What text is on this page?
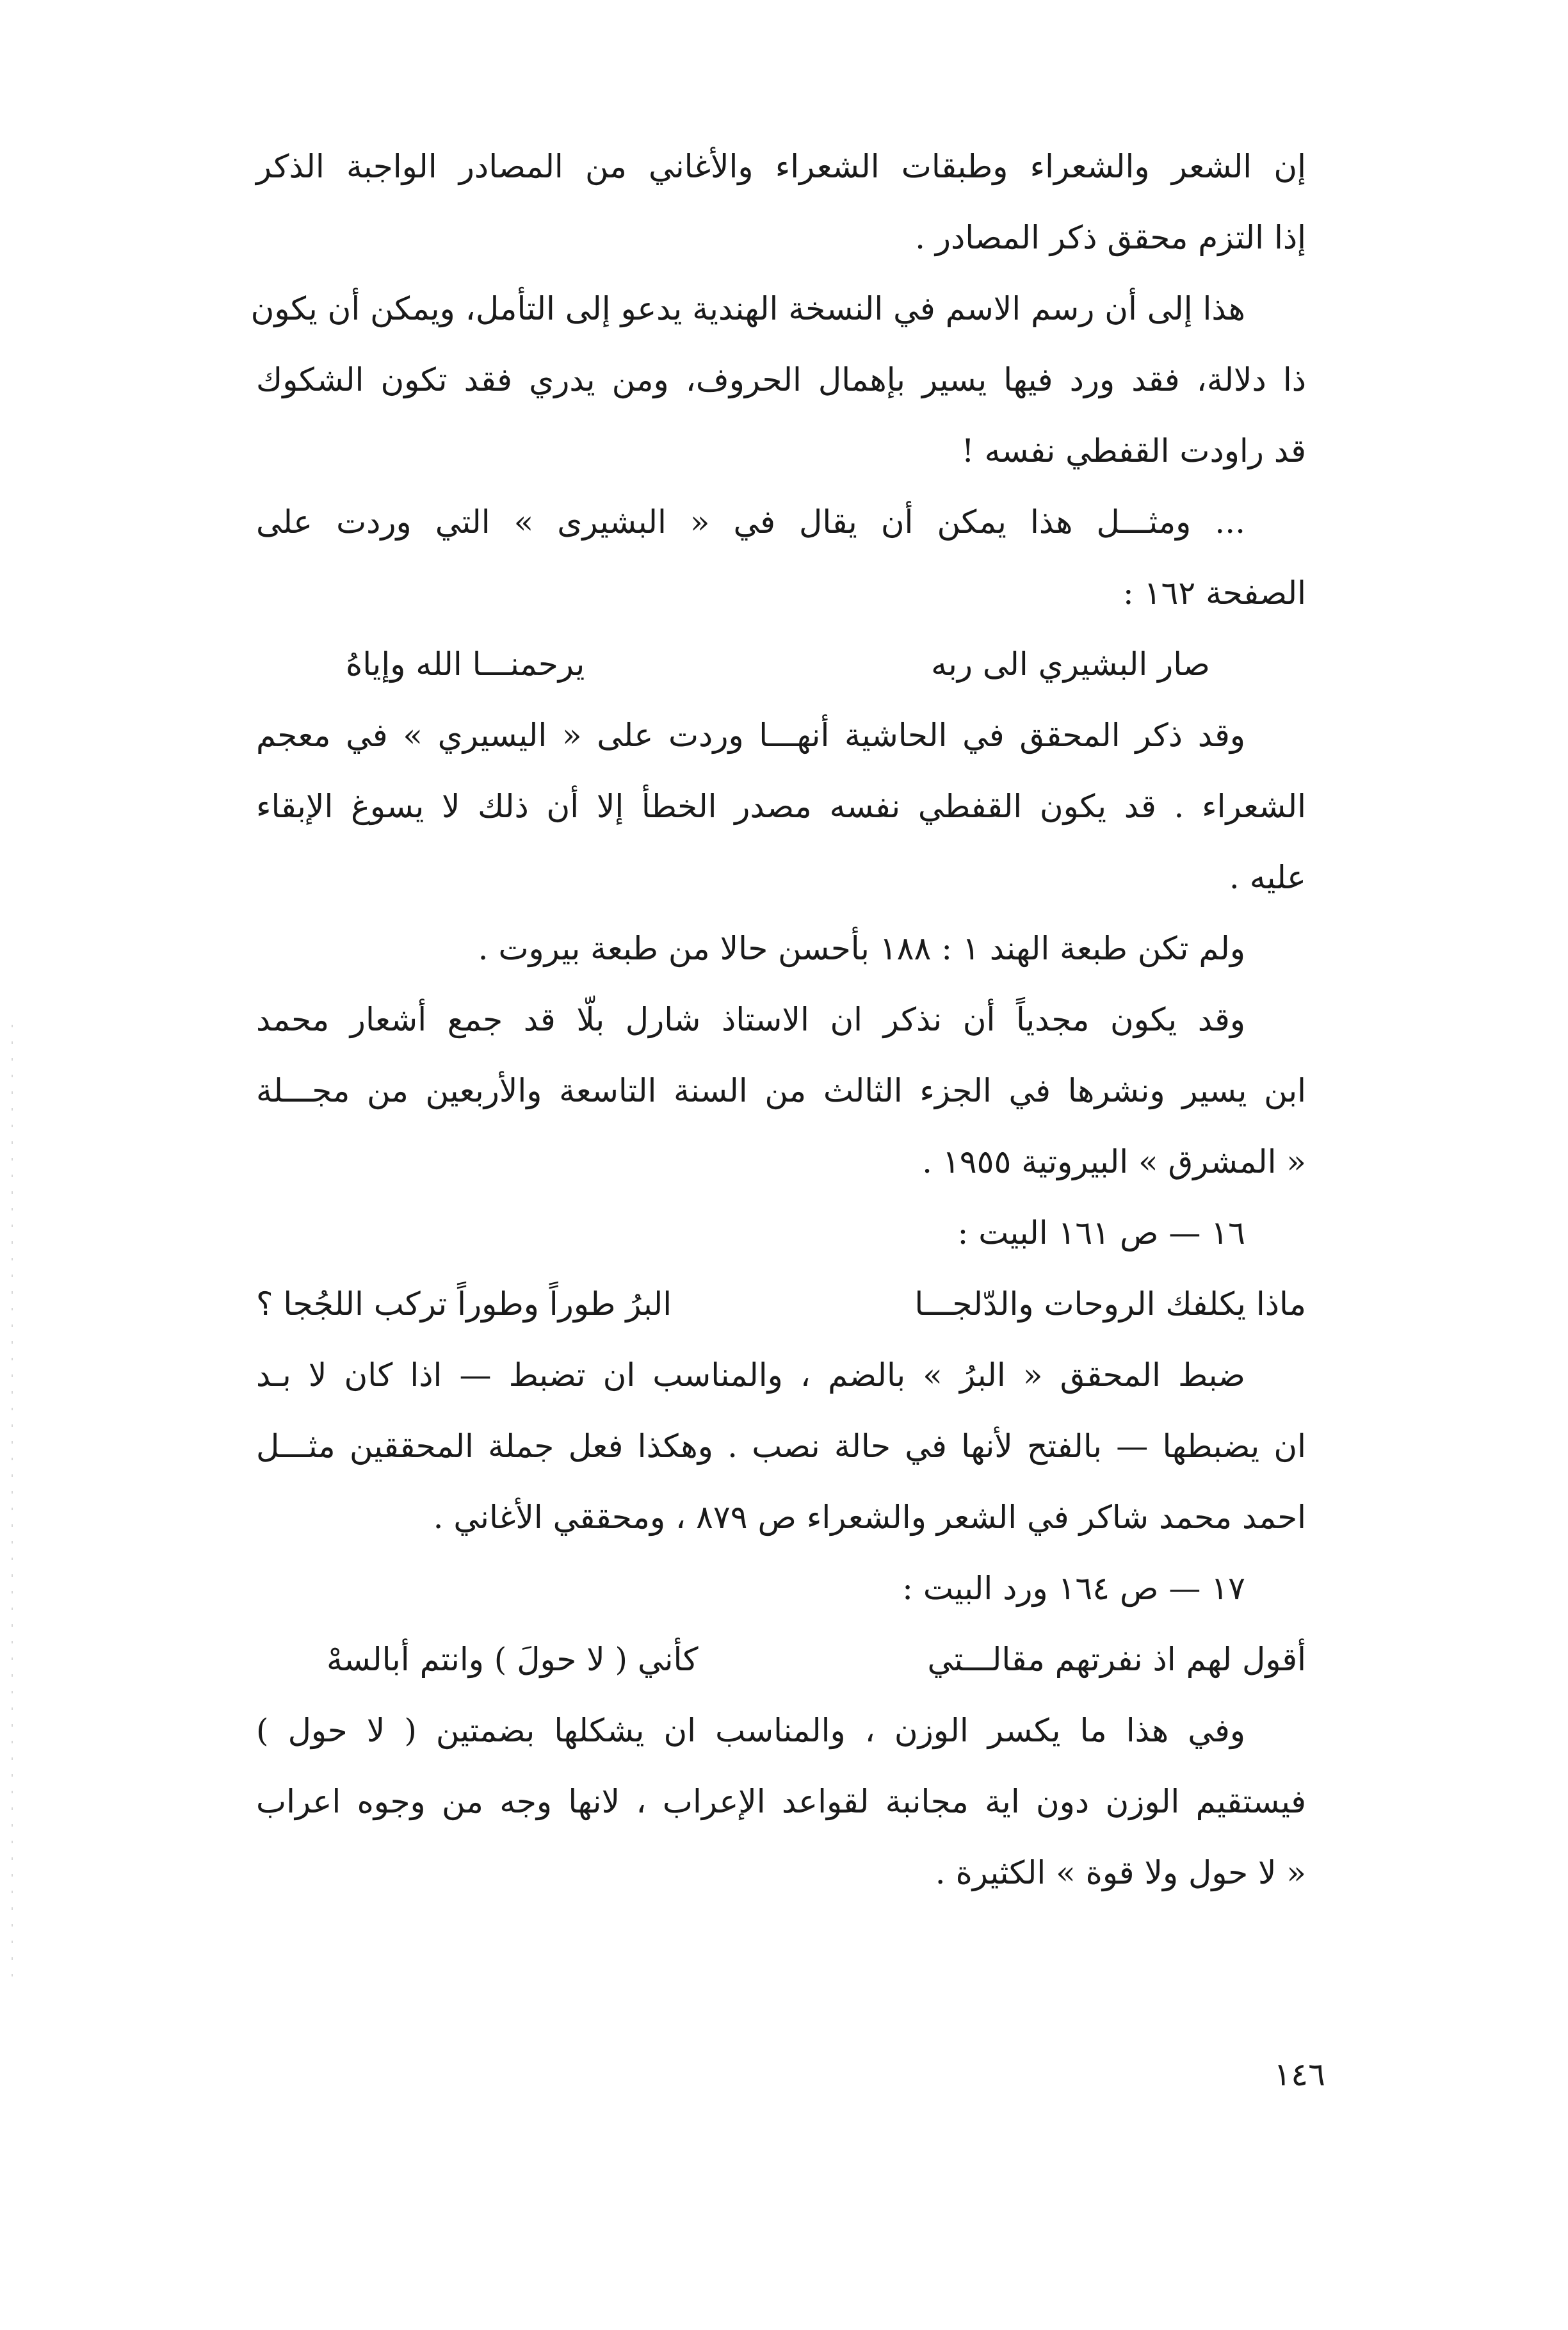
إن الشعر والشعراء وطبقات الشعراء والأغاني من المصادر الواجبة الذكر
إذا التزم محقق ذكر المصادر .
هذا إلى أن رسم الاسم في النسخة الهندية يدعو إلى التأمل، ويمكن أن يكون
ذا دلالة، فقد ورد فيها يسير بإهمال الحروف، ومن يدري فقد تكون الشكوك
قد راودت القفطي نفسه !
... ومثـــل هذا يمكن أن يقال في « البشيرى » التي وردت على
الصفحة ١٦٢ :
صار البشيري الى ربه
يرحمنـــا الله وإياهُ
وقد ذكر المحقق في الحاشية أنهـــا وردت على « اليسيري » في معجم
الشعراء . قد يكون القفطي نفسه مصدر الخطأ إلا أن ذلك لا يسوغ الإبقاء
عليه .
ولم تكن طبعة الهند ١ : ١٨٨ بأحسن حالا من طبعة بيروت .
وقد يكون مجدياً أن نذكر ان الاستاذ شارل بلّا قد جمع أشعار محمد
ابن يسير ونشرها في الجزء الثالث من السنة التاسعة والأربعين من مجـــلة
« المشرق » البيروتية ١٩٥٥ .
١٦ — ص ١٦١ البيت :
ماذا يكلفك الروحات والدّلجـــا
البرُ طوراً وطوراً تركب اللجُجا ؟
ضبط المحقق « البرُ » بالضم ، والمناسب ان تضبط — اذا كان لا بـد
ان يضبطها — بالفتح لأنها في حالة نصب . وهكذا فعل جملة المحققين مثـــل
احمد محمد شاكر في الشعر والشعراء ص ٨٧٩ ، ومحققي الأغاني .
١٧ — ص ١٦٤ ورد البيت :
أقول لهم اذ نفرتهم مقالـــتي
كأني ( لا حولَ ) وانتم أبالسهْ
وفي هذا ما يكسر الوزن ، والمناسب ان يشكلها بضمتين ( لا حول )
فيستقيم الوزن دون اية مجانبة لقواعد الإعراب ، لانها وجه من وجوه اعراب
« لا حول ولا قوة » الكثيرة .
١٤٦
